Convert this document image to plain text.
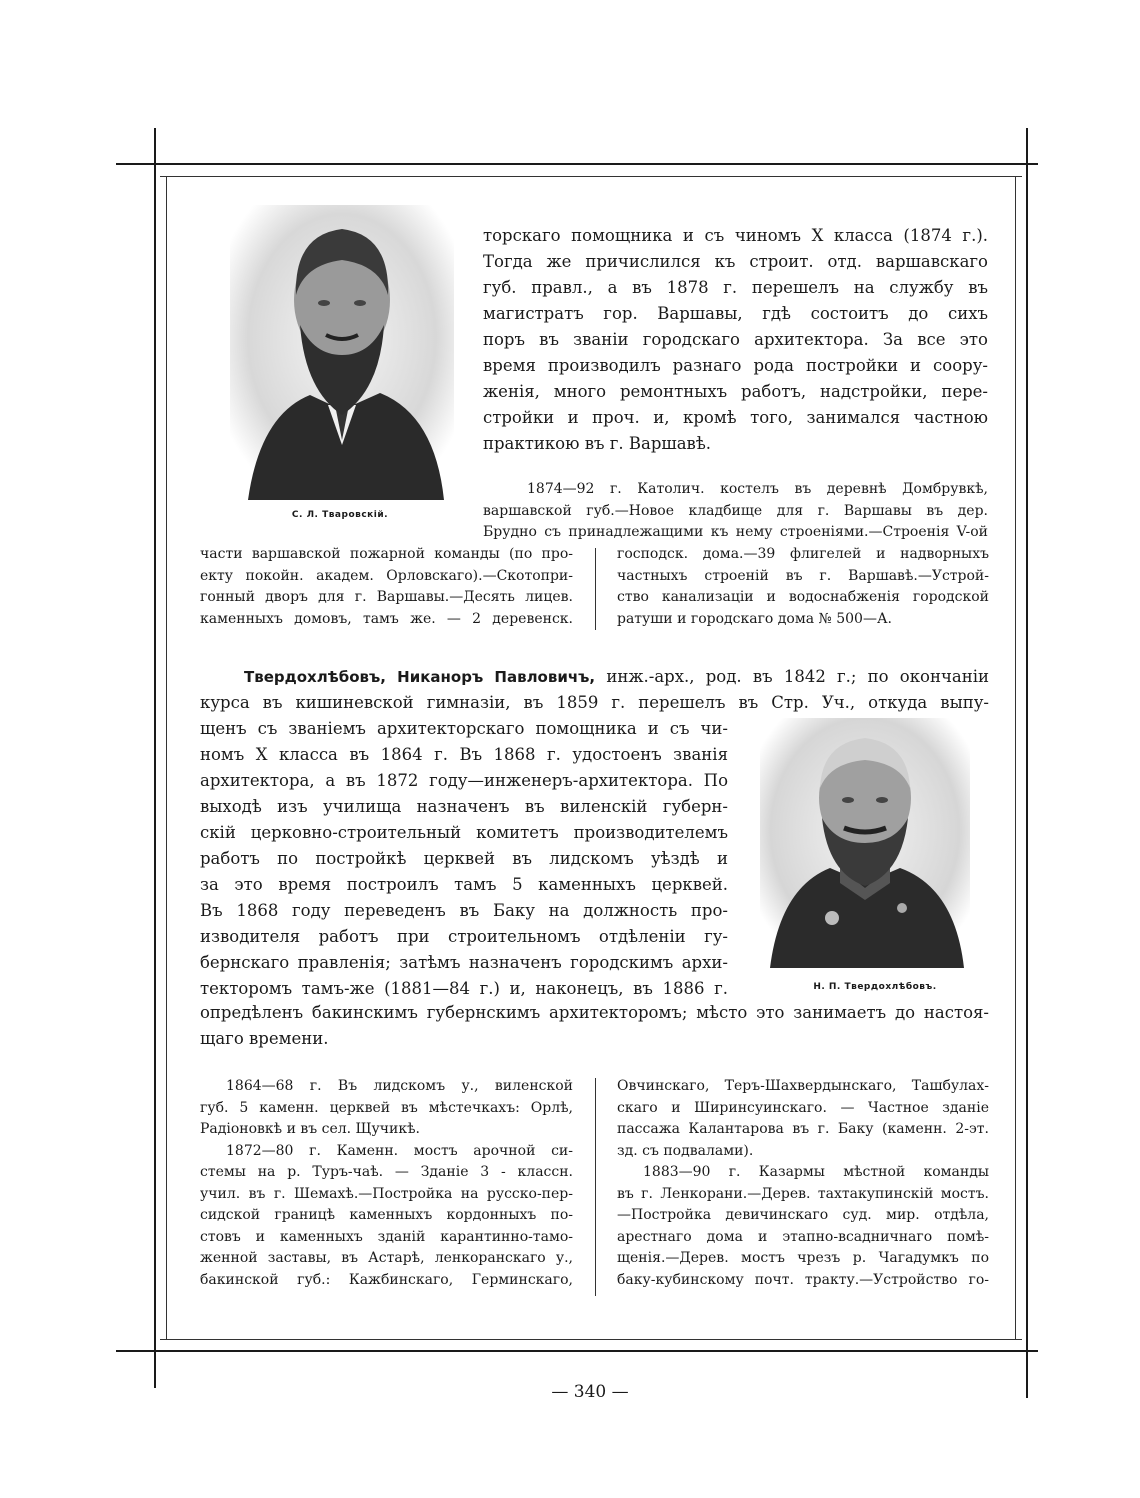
С. Л. Тваровскій.
торскаго помощника и съ чиномъ X класса (1874 г.).
Тогда же причислился къ строит. отд. варшавскаго
губ. правл., а въ 1878 г. перешелъ на службу въ
магистратъ гор. Варшавы, гдѣ состоитъ до сихъ
поръ въ званіи городскаго архитектора. За все это
время производилъ разнаго рода постройки и соору-
женія, много ремонтныхъ работъ, надстройки, пере-
стройки и проч. и, кромѣ того, занимался частною
практикою въ г. Варшавѣ.
1874—92 г. Католич. костелъ въ деревнѣ Домбрувкѣ,
варшавской губ.—Новое кладбище для г. Варшавы въ дер.
Брудно съ принадлежащими къ нему строеніями.—Строенія V-ой
части варшавской пожарной команды (по про-
екту покойн. академ. Орловскаго).—Скотопри-
гонный дворъ для г. Варшавы.—Десять лицев.
каменныхъ домовъ, тамъ же. — 2 деревенск.
господск. дома.—39 флигелей и надворныхъ
частныхъ строеній въ г. Варшавѣ.—Устрой-
ство канализаціи и водоснабженія городской
ратуши и городскаго дома № 500—А.
Твердохлѣбовъ, Никаноръ Павловичъ, инж.-арх., род. въ 1842 г.; по окончаніи
курса въ кишиневской гимназіи, въ 1859 г. перешелъ въ Стр. Уч., откуда выпу-
щенъ съ званіемъ архитекторскаго помощника и съ чи-
номъ X класса въ 1864 г. Въ 1868 г. удостоенъ званія
архитектора, а въ 1872 году—инженеръ-архитектора. По
выходѣ изъ училища назначенъ въ виленскій губерн-
скій церковно-строительный комитетъ производителемъ
работъ по постройкѣ церквей въ лидскомъ уѣздѣ и
за это время построилъ тамъ 5 каменныхъ церквей.
Въ 1868 году переведенъ въ Баку на должность про-
изводителя работъ при строительномъ отдѣленіи гу-
бернскаго правленія; затѣмъ назначенъ городскимъ архи-
текторомъ тамъ-же (1881—84 г.) и, наконецъ, въ 1886 г.	Н. П. Твердохлѣбовъ.
опредѣленъ бакинскимъ губернскимъ архитекторомъ; мѣсто это занимаетъ до настоя-
щаго времени.
1864—68 г. Въ лидскомъ у., виленской
губ. 5 каменн. церквей въ мѣстечкахъ: Орлѣ,
Радіоновкѣ и въ сел. Щучикѣ.
1872—80 г. Каменн. мостъ арочной си-
стемы на р. Туръ-чаѣ. — Зданіе 3 - классн.
учил. въ г. Шемахѣ.—Постройка на русско-пер-
сидской границѣ каменныхъ кордонныхъ по-
стовъ и каменныхъ зданій карантинно-тамо-
женной заставы, въ Астарѣ, ленкоранскаго у.,
бакинской губ.: Кажбинскаго, Герминскаго,
Овчинскаго, Теръ-Шахвердынскаго, Ташбулах-
скаго и Ширинсуинскаго. — Частное зданіе
пассажа Калантарова въ г. Баку (каменн. 2-эт.
зд. съ подвалами).
1883—90 г. Казармы мѣстной команды
въ г. Ленкорани.—Дерев. тахтакупинскій мостъ.
—Постройка девичинскаго суд. мир. отдѣла,
арестнаго дома и этапно-всадничнаго помѣ-
щенія.—Дерев. мостъ чрезъ р. Чагадумкъ по
баку-кубинскому почт. тракту.—Устройство го-
— 340 —
